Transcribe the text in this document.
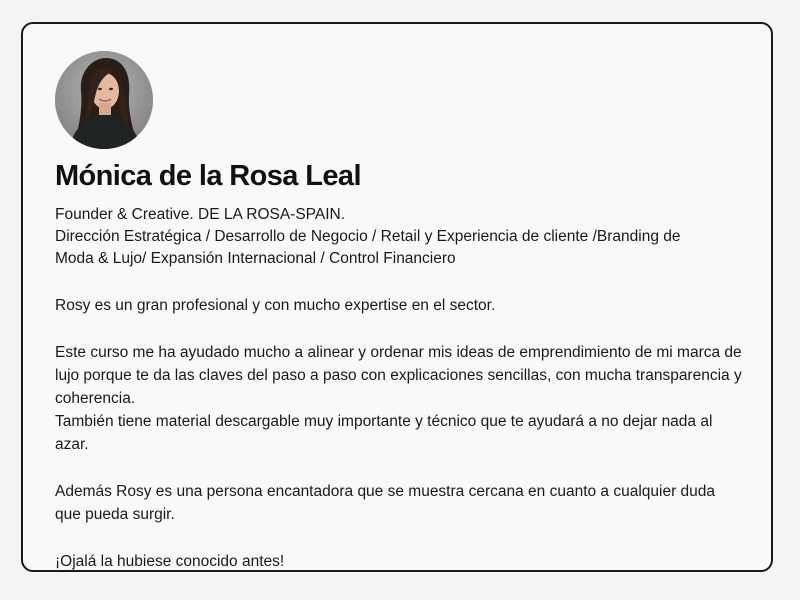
Mónica de la Rosa Leal
Founder & Creative. DE LA ROSA-SPAIN.
Dirección Estratégica / Desarrollo de Negocio / Retail y Experiencia de cliente /Branding de
Moda & Lujo/ Expansión Internacional / Control Financiero

Rosy es un gran profesional y con mucho expertise en el sector.

Este curso me ha ayudado mucho a alinear y ordenar mis ideas de emprendimiento de mi marca de lujo porque te da las claves del paso a paso con explicaciones sencillas, con mucha transparencia y coherencia.

También tiene material descargable muy importante y técnico que te ayudará a no dejar nada al azar.

Además Rosy es una persona encantadora que se muestra cercana en cuanto a cualquier duda que pueda surgir.

¡Ojalá la hubiese conocido antes!
